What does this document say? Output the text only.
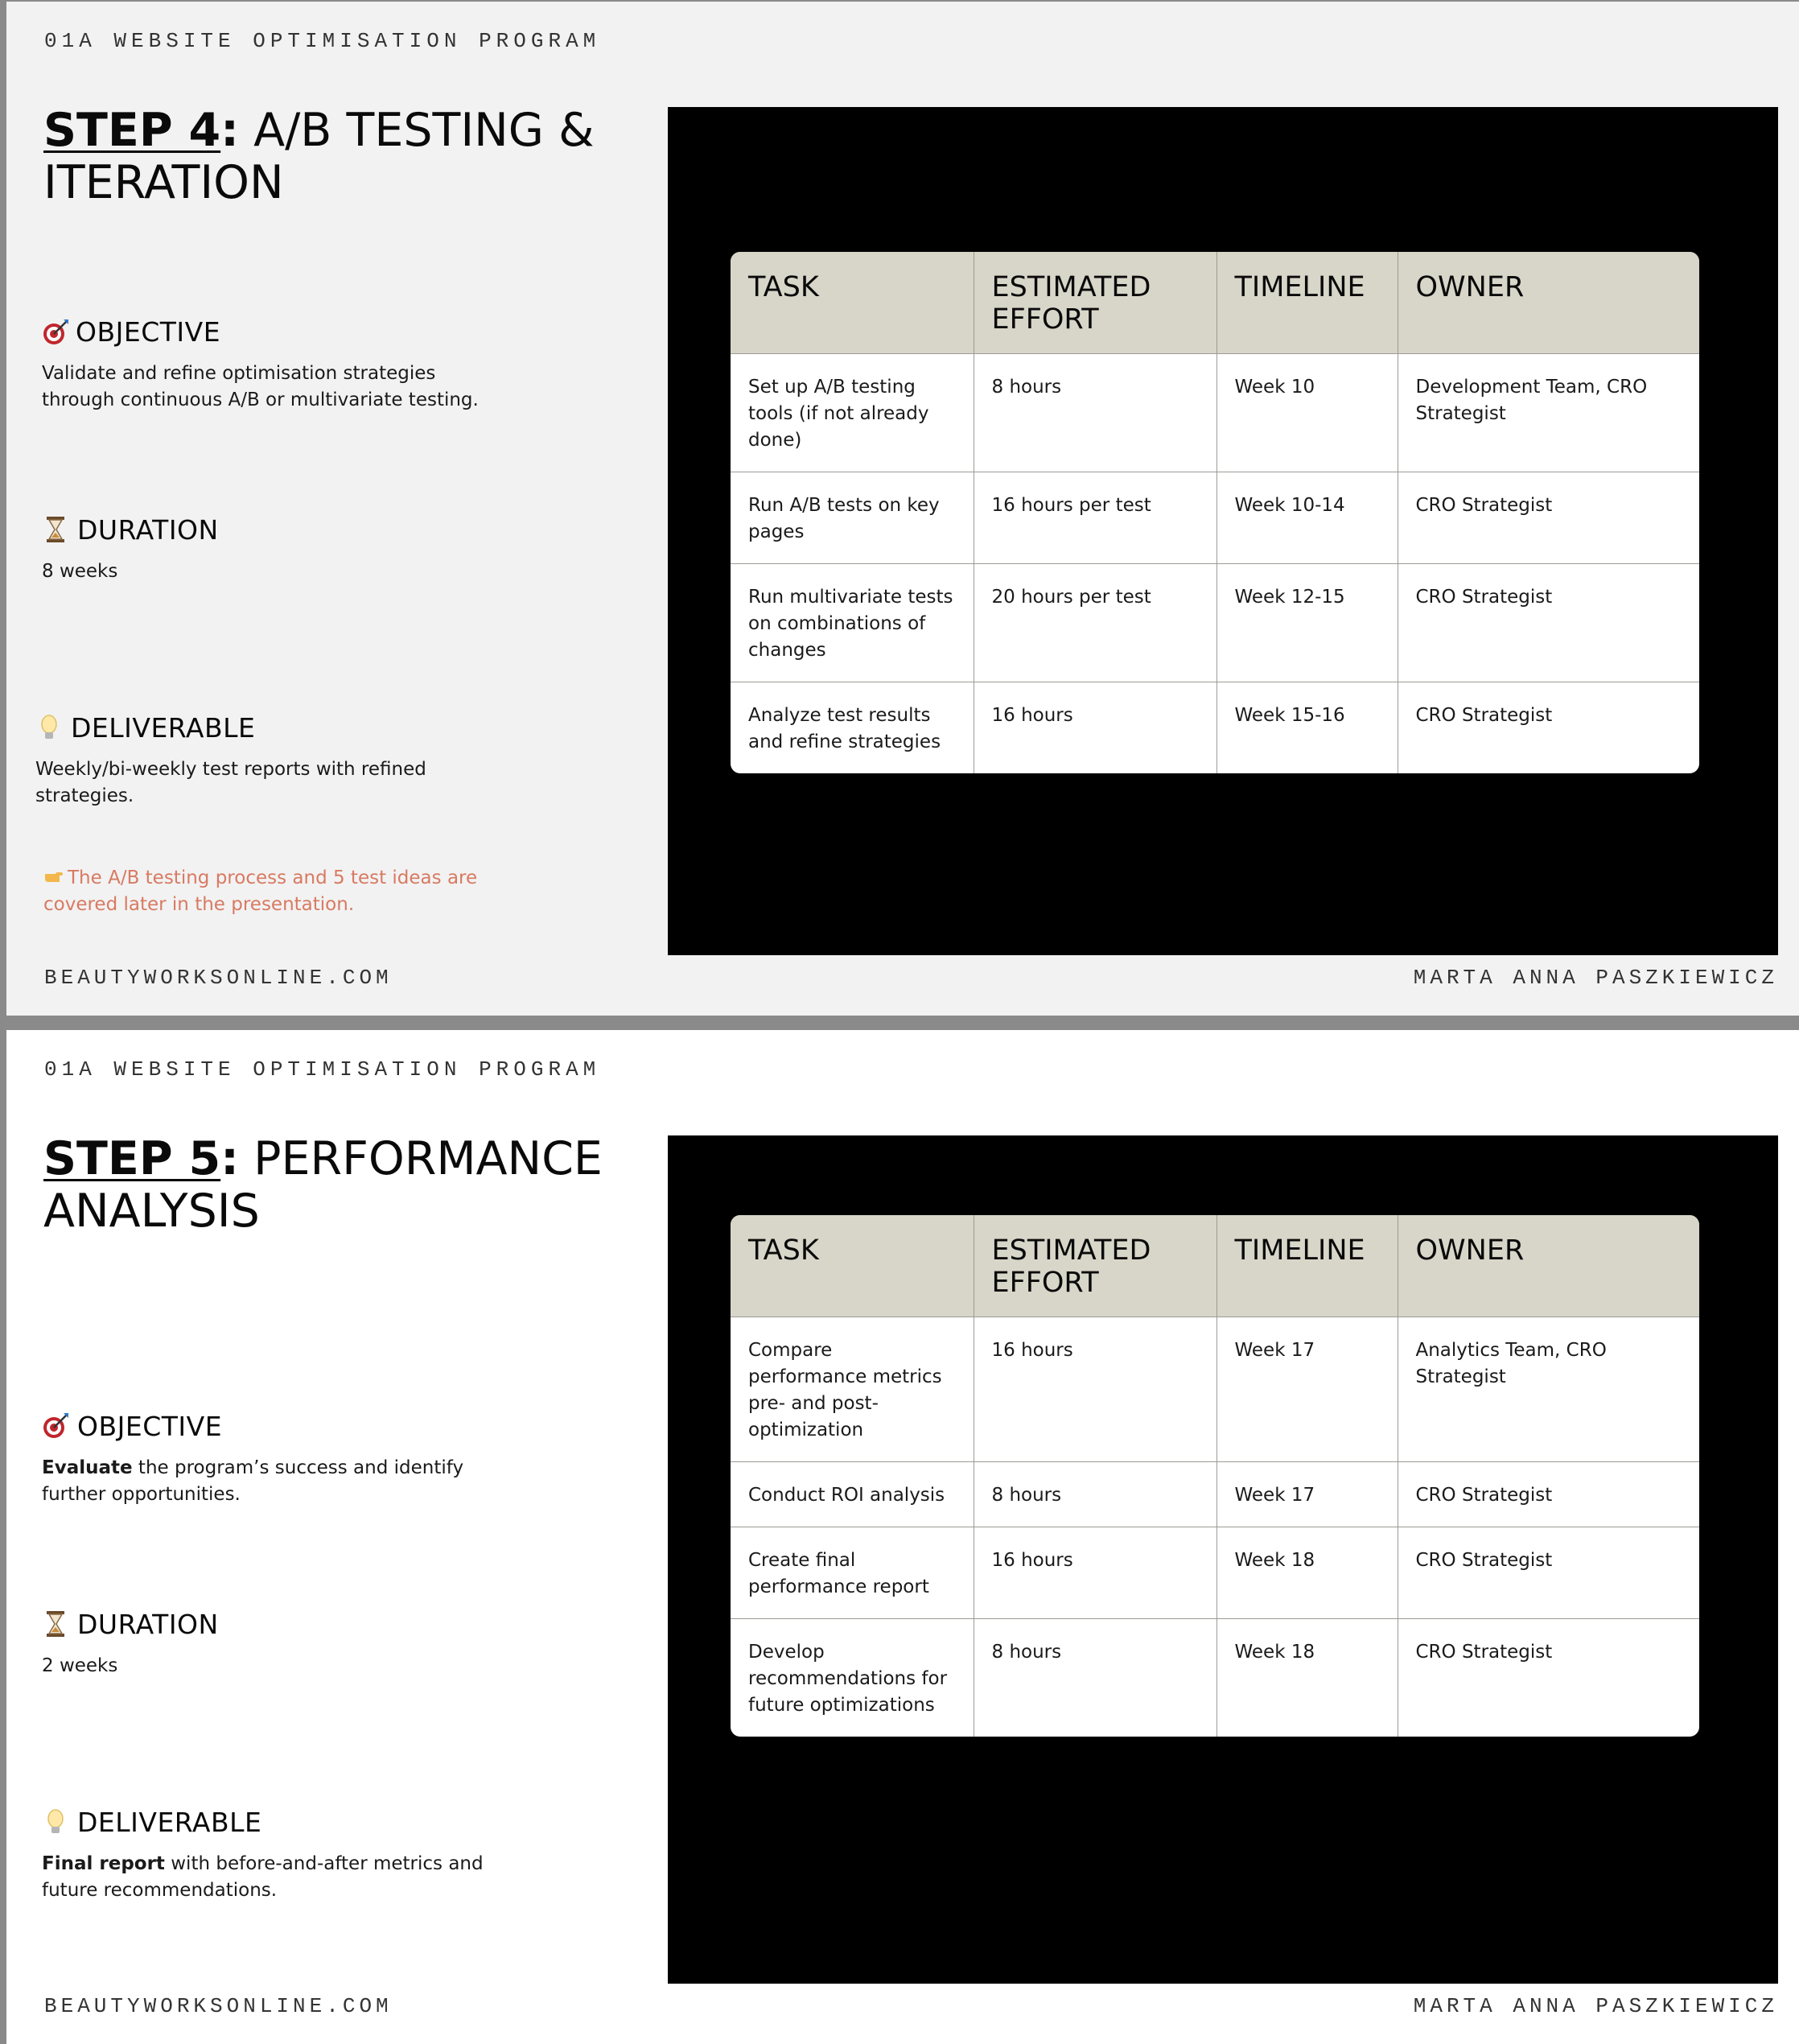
01A WEBSITE OPTIMISATION PROGRAM
STEP 4: A/B TESTING & ITERATION
OBJECTIVE
Validate and refine optimisation strategies through continuous A/B or multivariate testing.
DURATION
8 weeks
DELIVERABLE
Weekly/bi-weekly test reports with refined strategies.
The A/B testing process and 5 test ideas are covered later in the presentation.
TASK	ESTIMATED EFFORT	TIMELINE	OWNER
Set up A/B testing tools (if not already done)	8 hours	Week 10	Development Team, CRO Strategist
Run A/B tests on key pages	16 hours per test	Week 10-14	CRO Strategist
Run multivariate tests on combinations of changes	20 hours per test	Week 12-15	CRO Strategist
Analyze test results and refine strategies	16 hours	Week 15-16	CRO Strategist
BEAUTYWORKSONLINE.COM	MARTA ANNA PASZKIEWICZ
01A WEBSITE OPTIMISATION PROGRAM
STEP 5: PERFORMANCE ANALYSIS
OBJECTIVE
Evaluate the program’s success and identify further opportunities.
DURATION
2 weeks
DELIVERABLE
Final report with before-and-after metrics and future recommendations.
TASK	ESTIMATED EFFORT	TIMELINE	OWNER
Compare performance metrics pre- and post-optimization	16 hours	Week 17	Analytics Team, CRO Strategist
Conduct ROI analysis	8 hours	Week 17	CRO Strategist
Create final performance report	16 hours	Week 18	CRO Strategist
Develop recommendations for future optimizations	8 hours	Week 18	CRO Strategist
BEAUTYWORKSONLINE.COM	MARTA ANNA PASZKIEWICZ
